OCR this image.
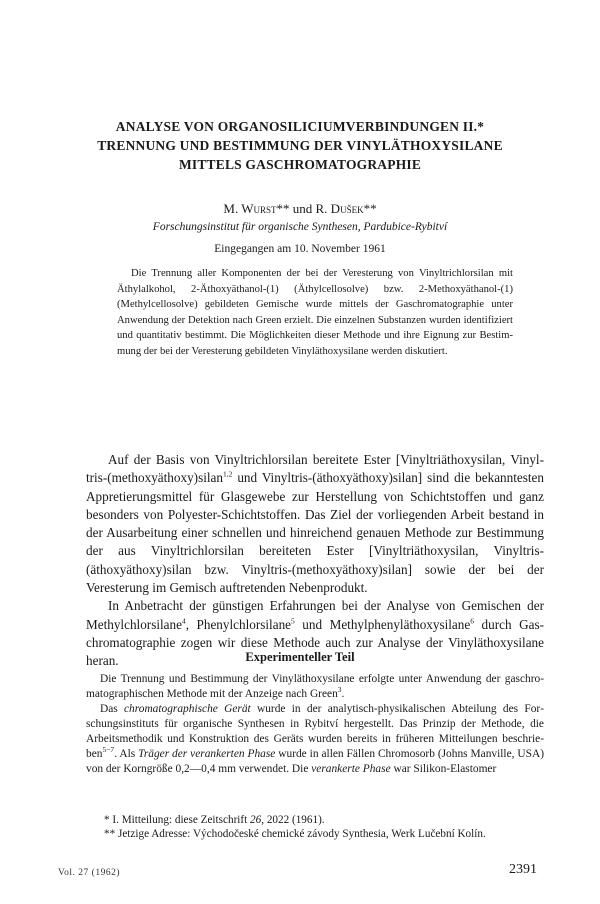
ANALYSE VON ORGANOSILICIUMVERBINDUNGEN II.*
TRENNUNG UND BESTIMMUNG DER VINYLÄTHOXYSILANE
MITTELS GASCHROMATOGRAPHIE
M. Wurst** und R. Dušek**
Forschungsinstitut für organische Synthesen, Pardubice-Rybitví
Eingegangen am 10. November 1961
Die Trennung aller Komponenten der bei der Veresterung von Vinyltrichlorsilan mit Äthylalkohol, 2-Äthoxyäthanol-(1) (Äthylcellosolve) bzw. 2-Methoxyäthanol-(1) (Methylcellosolve) gebildeten Gemische wurde mittels der Gaschromatographie unter Anwendung der Detektion nach Green erzielt. Die einzelnen Substanzen wurden identifiziert und quantitativ bestimmt. Die Möglichkeiten dieser Methode und ihre Eignung zur Bestimmung der bei der Veresterung gebildeten Vinyläthoxysilane werden diskutiert.

Auf der Basis von Vinyltrichlorsilan bereitete Ester [Vinyltriäthoxysilan, Vinyltris-(methoxyäthoxy)silan$^{1,2}$ und Vinyltris-(äthoxyäthoxy)silan] sind die bekanntesten Appretierungsmittel für Glasgewebe zur Herstellung von Schichtstoffen und ganz besonders von Polyester-Schichtstoffen. Das Ziel der vorliegenden Arbeit bestand in der Ausarbeitung einer schnellen und hinreichend genauen Methode zur Bestimmung der aus Vinyltrichlorsilan bereiteten Ester [Vinyltriäthoxysilan, Vinyltris-(äthoxyäthoxy)silan bzw. Vinyltris-(methoxyäthoxy)silan] sowie der bei der Veresterung im Gemisch auftretenden Nebenprodukt.

In Anbetracht der günstigen Erfahrungen bei der Analyse von Gemischen der Methylchlorsilane$^4$, Phenylchlorsilane$^5$ und Methylphenyläthoxysilane$^6$ durch Gaschromatographie zogen wir diese Methode auch zur Analyse der Vinyläthoxysilane heran.	Experimenteller Teil

Die Trennung und Bestimmung der Vinyläthoxysilane erfolgte unter Anwendung der gaschromatographischen Methode mit der Anzeige nach Green$^3$.

Das chromatographische Gerät wurde in der analytisch-physikalischen Abteilung des Forschungsinstituts für organische Synthesen in Rybitví hergestellt. Das Prinzip der Methode, die Arbeitsmethodik und Konstruktion des Geräts wurden bereits in früheren Mitteilungen beschrieben$^{5-7}$. Als Träger der verankerten Phase wurde in allen Fällen Chromosorb (Johns Manville, USA) von der Korngröße 0,2—0,4 mm verwendet. Die verankerte Phase war Silikon-Elastomer

* I. Mitteilung: diese Zeitschrift 26, 2022 (1961).
** Jetzige Adresse: Východočeské chemické závody Synthesia, Werk Lučební Kolín.
Vol. 27 (1962)	2391
